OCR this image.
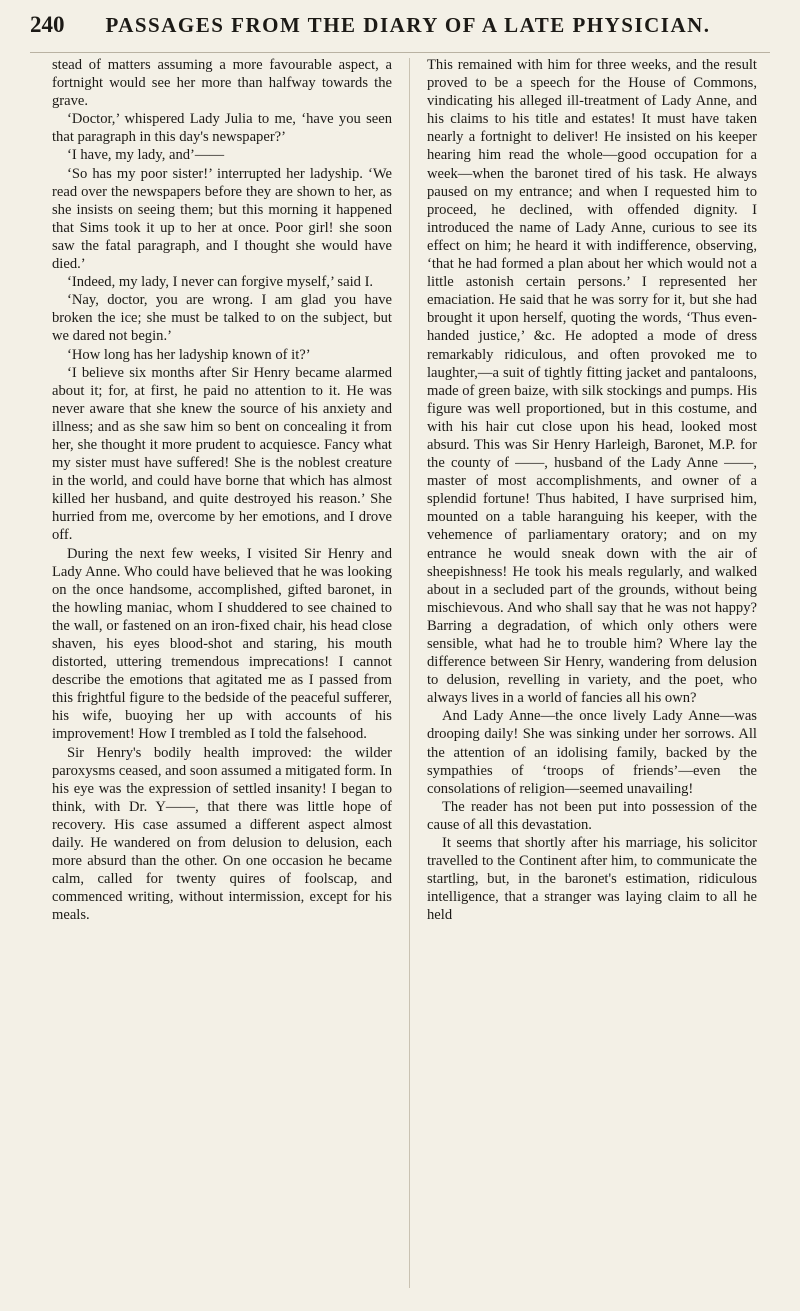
240	PASSAGES FROM THE DIARY OF A LATE PHYSICIAN.

stead of matters assuming a more favourable aspect, a fortnight would see her more than halfway towards the grave.

‘Doctor,’ whispered Lady Julia to me, ‘have you seen that paragraph in this day's newspaper?’

‘I have, my lady, and’——

‘So has my poor sister!’ interrupted her ladyship. ‘We read over the newspapers before they are shown to her, as she insists on seeing them; but this morning it happened that Sims took it up to her at once. Poor girl! she soon saw the fatal paragraph, and I thought she would have died.’

‘Indeed, my lady, I never can forgive myself,’ said I.

‘Nay, doctor, you are wrong. I am glad you have broken the ice; she must be talked to on the subject, but we dared not begin.’

‘How long has her ladyship known of it?’

‘I believe six months after Sir Henry became alarmed about it; for, at first, he paid no attention to it. He was never aware that she knew the source of his anxiety and illness; and as she saw him so bent on concealing it from her, she thought it more prudent to acquiesce. Fancy what my sister must have suffered! She is the noblest creature in the world, and could have borne that which has almost killed her husband, and quite destroyed his reason.’ She hurried from me, overcome by her emotions, and I drove off.

During the next few weeks, I visited Sir Henry and Lady Anne. Who could have believed that he was looking on the once handsome, accomplished, gifted baronet, in the howling maniac, whom I shuddered to see chained to the wall, or fastened on an iron-fixed chair, his head close shaven, his eyes blood-shot and staring, his mouth distorted, uttering tremendous imprecations! I cannot describe the emotions that agitated me as I passed from this frightful figure to the bedside of the peaceful sufferer, his wife, buoying her up with accounts of his improvement! How I trembled as I told the falsehood.

Sir Henry's bodily health improved: the wilder paroxysms ceased, and soon assumed a mitigated form. In his eye was the expression of settled insanity! I began to think, with Dr. Y——, that there was little hope of recovery. His case assumed a different aspect almost daily. He wandered on from delusion to delusion, each more absurd than the other. On one occasion he became calm, called for twenty quires of foolscap, and commenced writing, without intermission, except for his meals.

This remained with him for three weeks, and the result proved to be a speech for the House of Commons, vindicating his alleged ill-treatment of Lady Anne, and his claims to his title and estates! It must have taken nearly a fortnight to deliver! He insisted on his keeper hearing him read the whole—good occupation for a week—when the baronet tired of his task. He always paused on my entrance; and when I requested him to proceed, he declined, with offended dignity. I introduced the name of Lady Anne, curious to see its effect on him; he heard it with indifference, observing, ‘that he had formed a plan about her which would not a little astonish certain persons.’ I represented her emaciation. He said that he was sorry for it, but she had brought it upon herself, quoting the words, ‘Thus even-handed justice,’ &c. He adopted a mode of dress remarkably ridiculous, and often provoked me to laughter,—a suit of tightly fitting jacket and pantaloons, made of green baize, with silk stockings and pumps. His figure was well proportioned, but in this costume, and with his hair cut close upon his head, looked most absurd. This was Sir Henry Harleigh, Baronet, M.P. for the county of ——, husband of the Lady Anne ——, master of most accomplishments, and owner of a splendid fortune! Thus habited, I have surprised him, mounted on a table haranguing his keeper, with the vehemence of parliamentary oratory; and on my entrance he would sneak down with the air of sheepishness! He took his meals regularly, and walked about in a secluded part of the grounds, without being mischievous. And who shall say that he was not happy? Barring a degradation, of which only others were sensible, what had he to trouble him? Where lay the difference between Sir Henry, wandering from delusion to delusion, revelling in variety, and the poet, who always lives in a world of fancies all his own?

And Lady Anne—the once lively Lady Anne—was drooping daily! She was sinking under her sorrows. All the attention of an idolising family, backed by the sympathies of ‘troops of friends’—even the consolations of religion—seemed unavailing!

The reader has not been put into possession of the cause of all this devastation.

It seems that shortly after his marriage, his solicitor travelled to the Continent after him, to communicate the startling, but, in the baronet's estimation, ridiculous intelligence, that a stranger was laying claim to all he held
